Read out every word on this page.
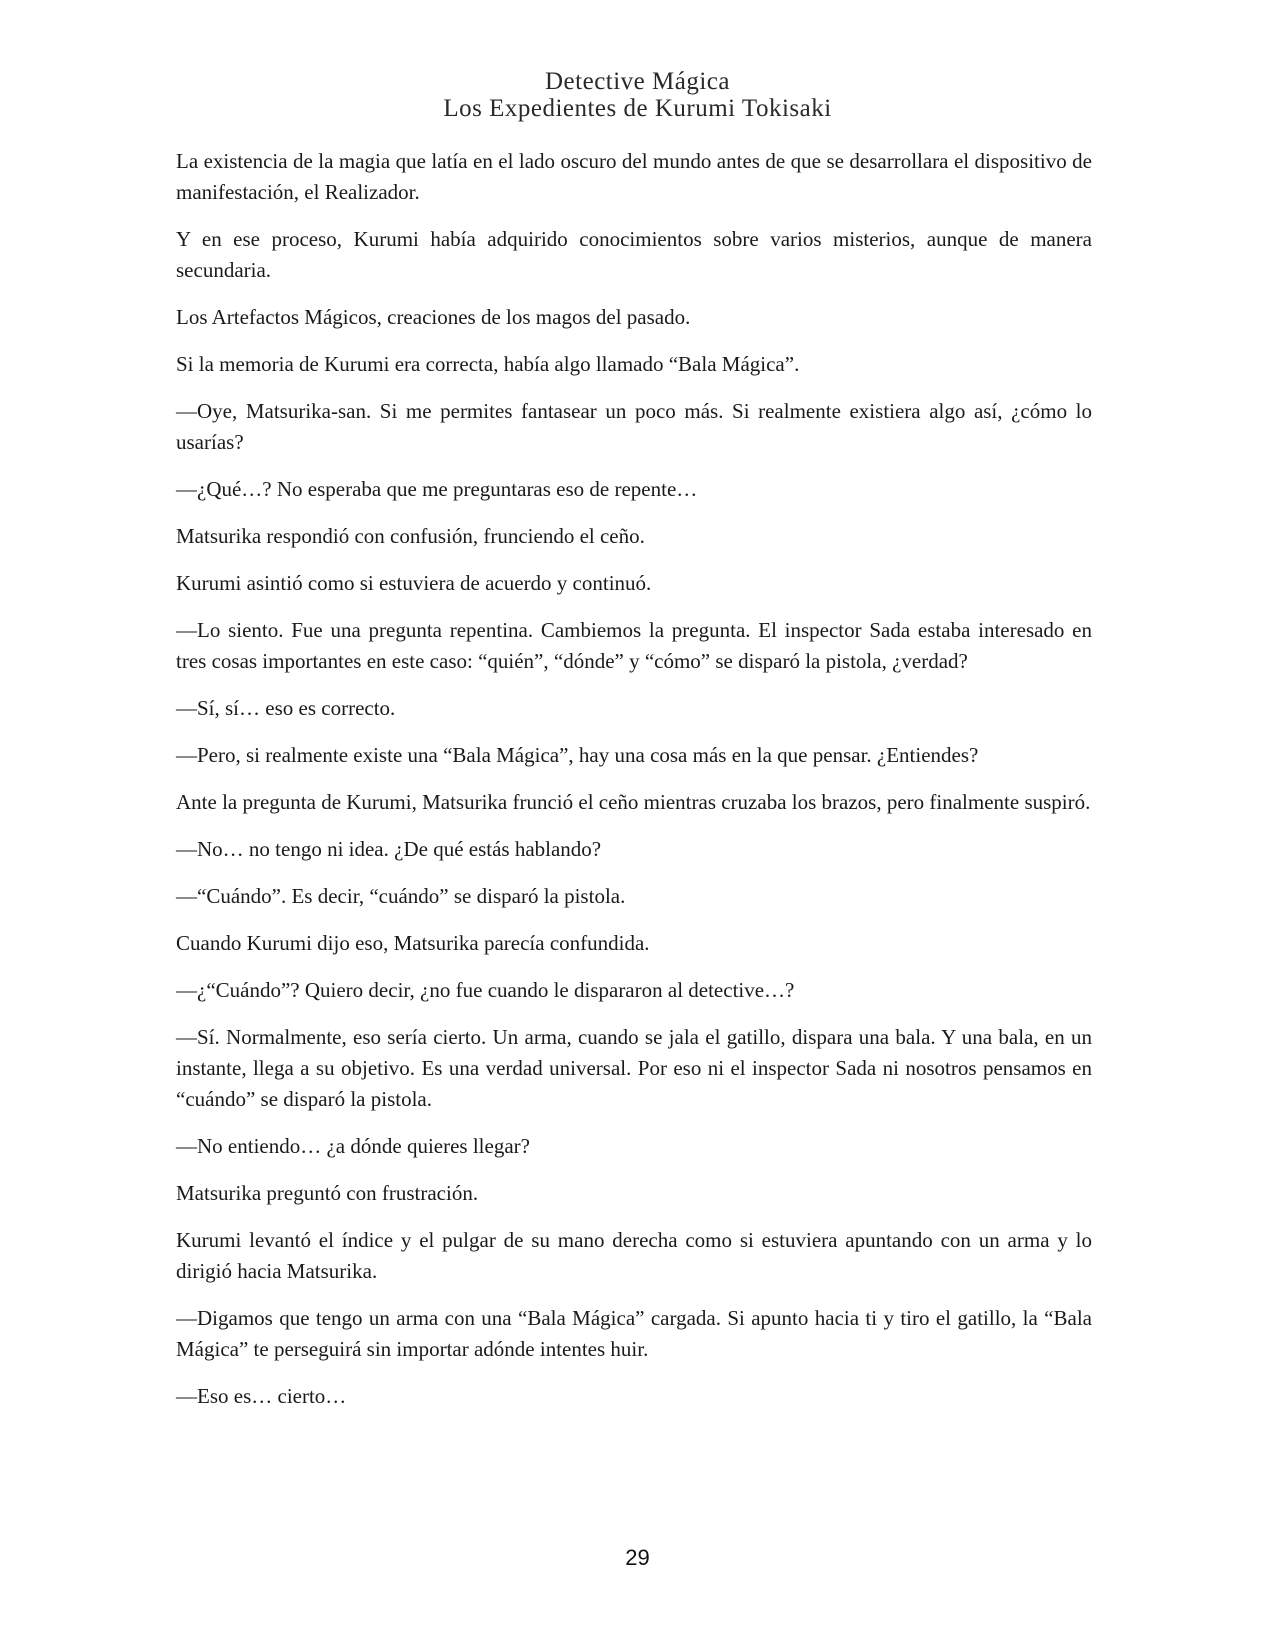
Detective Mágica
Los Expedientes de Kurumi Tokisaki

La existencia de la magia que latía en el lado oscuro del mundo antes de que se desarrollara el dispositivo de manifestación, el Realizador.

Y en ese proceso, Kurumi había adquirido conocimientos sobre varios misterios, aunque de manera secundaria.

Los Artefactos Mágicos, creaciones de los magos del pasado.

Si la memoria de Kurumi era correcta, había algo llamado “Bala Mágica”.

—Oye, Matsurika-san. Si me permites fantasear un poco más. Si realmente existiera algo así, ¿cómo lo usarías?

—¿Qué…? No esperaba que me preguntaras eso de repente…

Matsurika respondió con confusión, frunciendo el ceño.

Kurumi asintió como si estuviera de acuerdo y continuó.

—Lo siento. Fue una pregunta repentina. Cambiemos la pregunta. El inspector Sada estaba interesado en tres cosas importantes en este caso: “quién”, “dónde” y “cómo” se disparó la pistola, ¿verdad?

—Sí, sí… eso es correcto.

—Pero, si realmente existe una “Bala Mágica”, hay una cosa más en la que pensar. ¿Entiendes?

Ante la pregunta de Kurumi, Matsurika frunció el ceño mientras cruzaba los brazos, pero finalmente suspiró.

—No… no tengo ni idea. ¿De qué estás hablando?

—“Cuándo”. Es decir, “cuándo” se disparó la pistola.

Cuando Kurumi dijo eso, Matsurika parecía confundida.

—¿“Cuándo”? Quiero decir, ¿no fue cuando le dispararon al detective…?

—Sí. Normalmente, eso sería cierto. Un arma, cuando se jala el gatillo, dispara una bala. Y una bala, en un instante, llega a su objetivo. Es una verdad universal. Por eso ni el inspector Sada ni nosotros pensamos en “cuándo” se disparó la pistola.

—No entiendo… ¿a dónde quieres llegar?

Matsurika preguntó con frustración.

Kurumi levantó el índice y el pulgar de su mano derecha como si estuviera apuntando con un arma y lo dirigió hacia Matsurika.

—Digamos que tengo un arma con una “Bala Mágica” cargada. Si apunto hacia ti y tiro el gatillo, la “Bala Mágica” te perseguirá sin importar adónde intentes huir.

—Eso es… cierto…

29
